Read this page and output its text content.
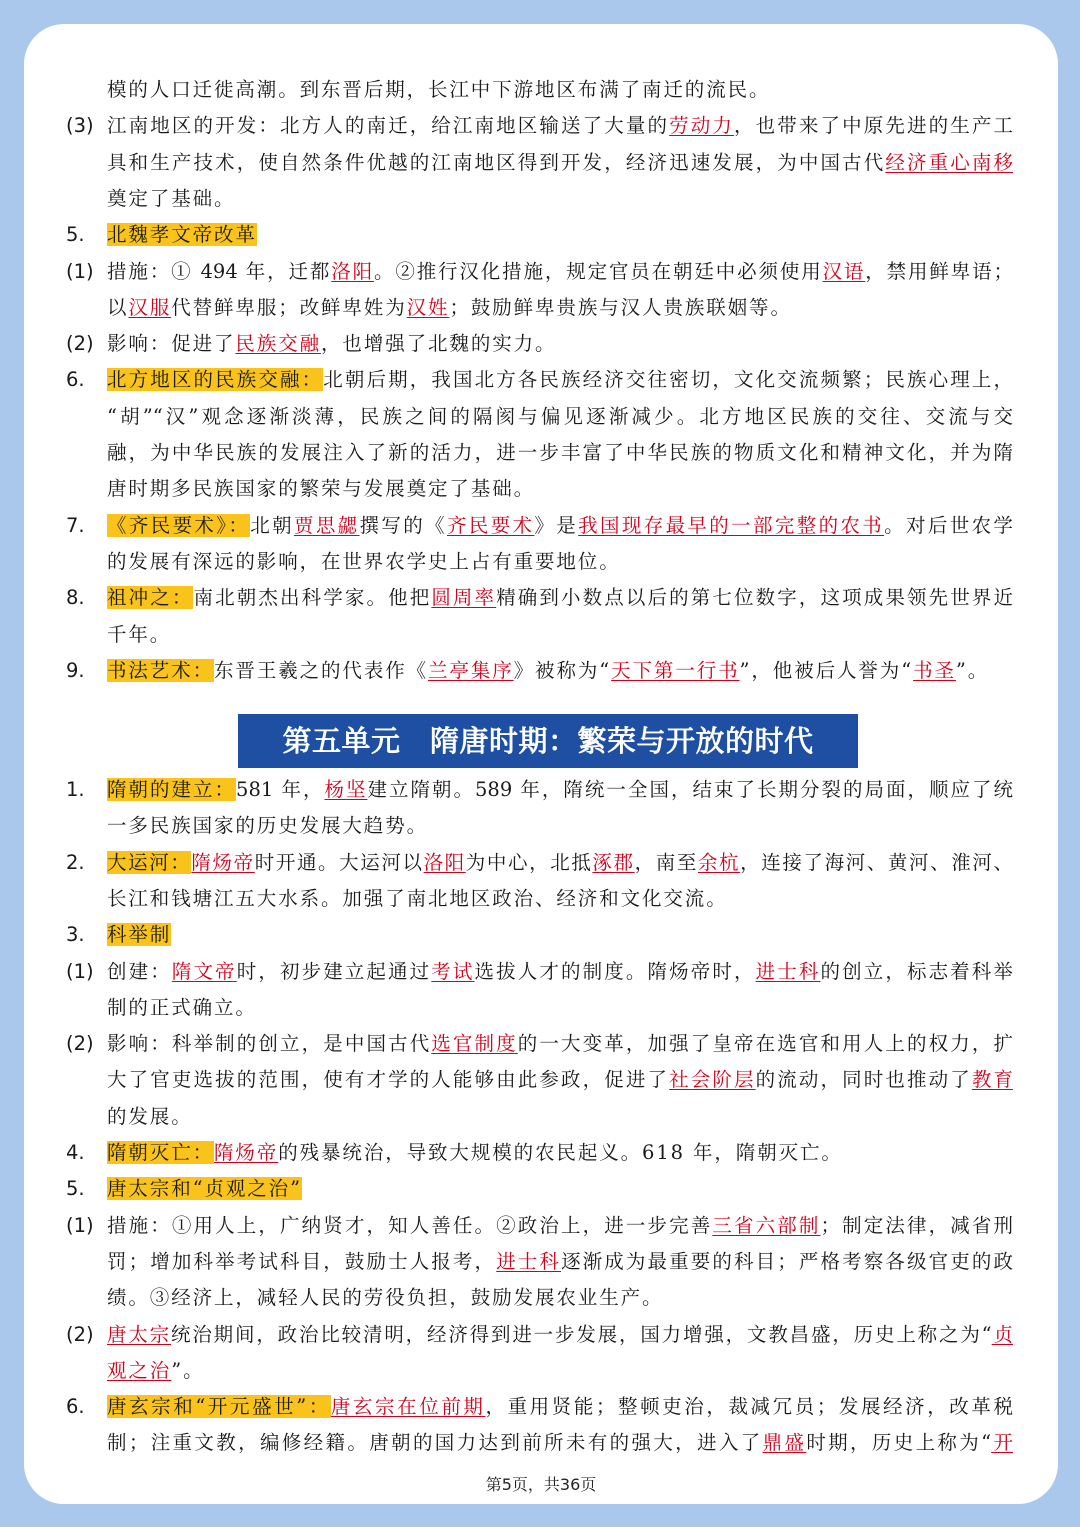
模的人口迁徙高潮。到东晋后期，长江中下游地区布满了南迁的流民。
(3) 江南地区的开发：北方人的南迁，给江南地区输送了大量的劳动力，也带来了中原先进的生产工
具和生产技术，使自然条件优越的江南地区得到开发，经济迅速发展，为中国古代经济重心南移
奠定了基础。
5.	北魏孝文帝改革
(1) 措施：① 494 年，迁都洛阳。②推行汉化措施，规定官员在朝廷中必须使用汉语，禁用鲜卑语；
以汉服代替鲜卑服；改鲜卑姓为汉姓；鼓励鲜卑贵族与汉人贵族联姻等。
(2) 影响：促进了民族交融，也增强了北魏的实力。
6.	北方地区的民族交融：北朝后期，我国北方各民族经济交往密切，文化交流频繁；民族心理上，
“胡”“汉”观念逐渐淡薄，民族之间的隔阂与偏见逐渐减少。北方地区民族的交往、交流与交
融，为中华民族的发展注入了新的活力，进一步丰富了中华民族的物质文化和精神文化，并为隋
唐时期多民族国家的繁荣与发展奠定了基础。
7.	《齐民要术》：北朝贾思勰撰写的《齐民要术》是我国现存最早的一部完整的农书。对后世农学
的发展有深远的影响，在世界农学史上占有重要地位。
8.	祖冲之：南北朝杰出科学家。他把圆周率精确到小数点以后的第七位数字，这项成果领先世界近
千年。
9.	书法艺术：东晋王羲之的代表作《兰亭集序》被称为“天下第一行书”，他被后人誉为“书圣”。
1.	隋朝的建立：581 年，杨坚建立隋朝。589 年，隋统一全国，结束了长期分裂的局面，顺应了统
一多民族国家的历史发展大趋势。
2.	大运河：隋炀帝时开通。大运河以洛阳为中心，北抵涿郡，南至余杭，连接了海河、黄河、淮河、
长江和钱塘江五大水系。加强了南北地区政治、经济和文化交流。
3.	科举制
(1) 创建：隋文帝时，初步建立起通过考试选拔人才的制度。隋炀帝时，进士科的创立，标志着科举
制的正式确立。
(2) 影响：科举制的创立，是中国古代选官制度的一大变革，加强了皇帝在选官和用人上的权力，扩
大了官吏选拔的范围，使有才学的人能够由此参政，促进了社会阶层的流动，同时也推动了教育
的发展。
4.	隋朝灭亡：隋炀帝的残暴统治，导致大规模的农民起义。618 年，隋朝灭亡。
5.	唐太宗和“贞观之治”
(1) 措施：①用人上，广纳贤才，知人善任。②政治上，进一步完善三省六部制；制定法律，减省刑
罚；增加科举考试科目，鼓励士人报考，进士科逐渐成为最重要的科目；严格考察各级官吏的政
绩。③经济上，减轻人民的劳役负担，鼓励发展农业生产。
(2) 唐太宗统治期间，政治比较清明，经济得到进一步发展，国力增强，文教昌盛，历史上称之为“贞
观之治”。
6.	唐玄宗和“开元盛世”：唐玄宗在位前期，重用贤能；整顿吏治，裁减冗员；发展经济，改革税
制；注重文教，编修经籍。唐朝的国力达到前所未有的强大，进入了鼎盛时期，历史上称为“开
第五单元　隋唐时期：繁荣与开放的时代
第5页，共36页
